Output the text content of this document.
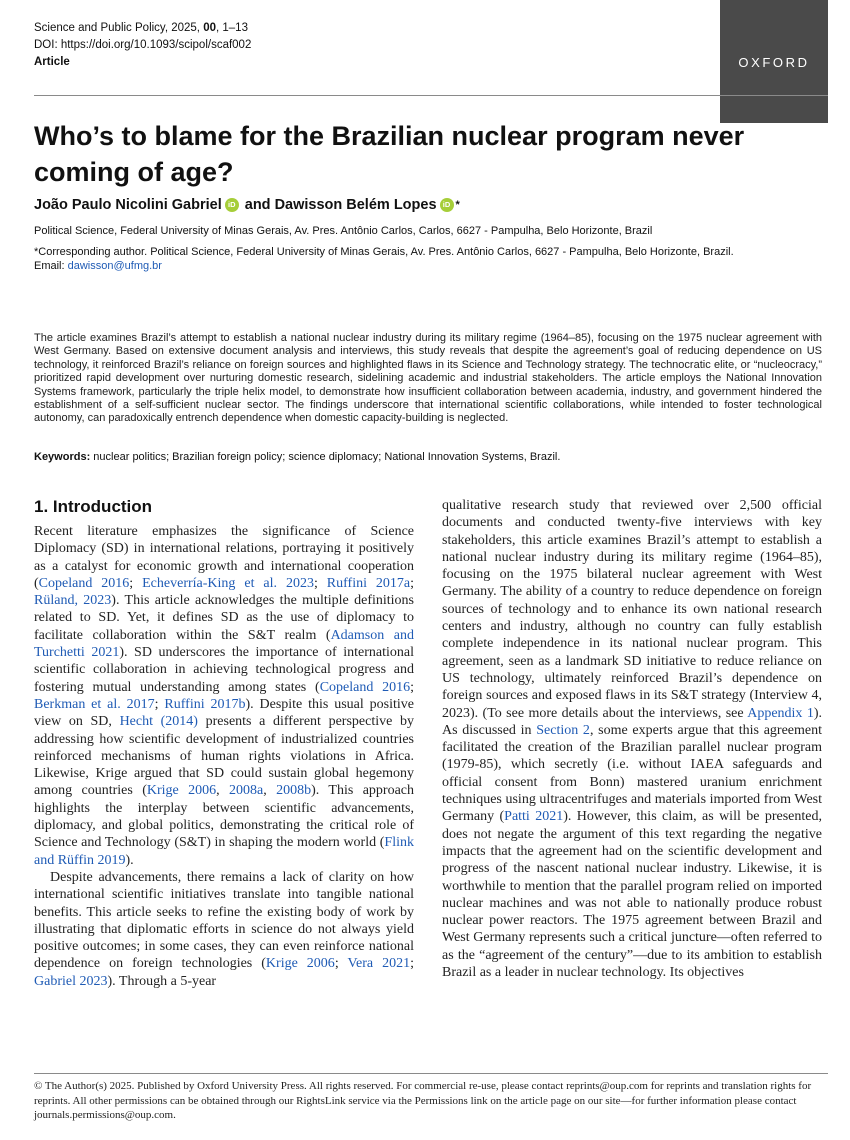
Science and Public Policy, 2025, 00, 1–13
DOI: https://doi.org/10.1093/scipol/scaf002
Article	OXFORD
Who’s to blame for the Brazilian nuclear program never coming of age?
João Paulo Nicolini Gabriel iD and
Dawisson Belém Lopes iD *
Political Science, Federal University of Minas Gerais, Av. Pres. Antônio Carlos, Carlos, 6627 - Pampulha, Belo Horizonte, Brazil
*Corresponding author. Political Science, Federal University of Minas Gerais, Av. Pres. Antônio Carlos, 6627 - Pampulha, Belo Horizonte, Brazil.
Email: dawisson@ufmg.br

The article examines Brazil’s attempt to establish a national nuclear industry during its military regime (1964–85), focusing on the 1975 nuclear agreement with West Germany. Based on extensive document analysis and interviews, this study reveals that despite the agreement’s goal of reducing dependence on US technology, it reinforced Brazil’s reliance on foreign sources and highlighted flaws in its Science and Technology strategy. The technocratic elite, or “nucleocracy,” prioritized rapid development over nurturing domestic research, sidelining academic and industrial stakeholders. The article employs the National Innovation Systems framework, particularly the triple helix model, to demonstrate how insufficient collaboration between academia, industry, and government hindered the establishment of a self-sufficient nuclear sector. The findings underscore that international scientific collaborations, while intended to foster technological autonomy, can paradoxically entrench dependence when domestic capacity-building is neglected.

Keywords: nuclear politics; Brazilian foreign policy; science diplomacy; National Innovation Systems, Brazil.
1. Introduction

Recent literature emphasizes the significance of Science Diplomacy (SD) in international relations, portraying it positively as a catalyst for economic growth and international cooperation (Copeland 2016; Echeverría-King et al. 2023; Ruffini 2017a; Rüland, 2023). This article acknowledges the multiple definitions related to SD. Yet, it defines SD as the use of diplomacy to facilitate collaboration within the S&T realm (Adamson and Turchetti 2021). SD underscores the importance of international scientific collaboration in achieving technological progress and fostering mutual understanding among states (Copeland 2016; Berkman et al. 2017; Ruffini 2017b). Despite this usual positive view on SD, Hecht (2014) presents a different perspective by addressing how scientific development of industrialized countries reinforced mechanisms of human rights violations in Africa. Likewise, Krige argued that SD could sustain global hegemony among countries (Krige 2006, 2008a, 2008b). This approach highlights the interplay between scientific advancements, diplomacy, and global politics, demonstrating the critical role of Science and Technology (S&T) in shaping the modern world (Flink and Rüffin 2019).

Despite advancements, there remains a lack of clarity on how international scientific initiatives translate into tangible national benefits. This article seeks to refine the existing body of work by illustrating that diplomatic efforts in science do not always yield positive outcomes; in some cases, they can even reinforce national dependence on foreign technologies (Krige 2006; Vera 2021; Gabriel 2023). Through a 5-year

qualitative research study that reviewed over 2,500 official documents and conducted twenty-five interviews with key stakeholders, this article examines Brazil’s attempt to establish a national nuclear industry during its military regime (1964–85), focusing on the 1975 bilateral nuclear agreement with West Germany. The ability of a country to reduce dependence on foreign sources of technology and to enhance its own national research centers and industry, although no country can fully establish complete independence in its national nuclear program. This agreement, seen as a landmark SD initiative to reduce reliance on US technology, ultimately reinforced Brazil’s dependence on foreign sources and exposed flaws in its S&T strategy (Interview 4, 2023). (To see more details about the interviews, see Appendix 1). As discussed in Section 2, some experts argue that this agreement facilitated the creation of the Brazilian parallel nuclear program (1979-85), which secretly (i.e. without IAEA safeguards and official consent from Bonn) mastered uranium enrichment techniques using ultracentrifuges and materials imported from West Germany (Patti 2021). However, this claim, as will be presented, does not negate the argument of this text regarding the negative impacts that the agreement had on the scientific development and progress of the nascent national nuclear industry. Likewise, it is worthwhile to mention that the parallel program relied on imported nuclear machines and was not able to nationally produce robust nuclear power reactors. The 1975 agreement between Brazil and West Germany represents such a critical juncture—often referred to as the “agreement of the century”—due to its ambition to establish Brazil as a leader in nuclear technology. Its objectives

© The Author(s) 2025. Published by Oxford University Press. All rights reserved. For commercial re-use, please contact reprints@oup.com for reprints and translation rights for reprints. All other permissions can be obtained through our RightsLink service via the Permissions link on the article page on our site—for further information please contact journals.permissions@oup.com.
